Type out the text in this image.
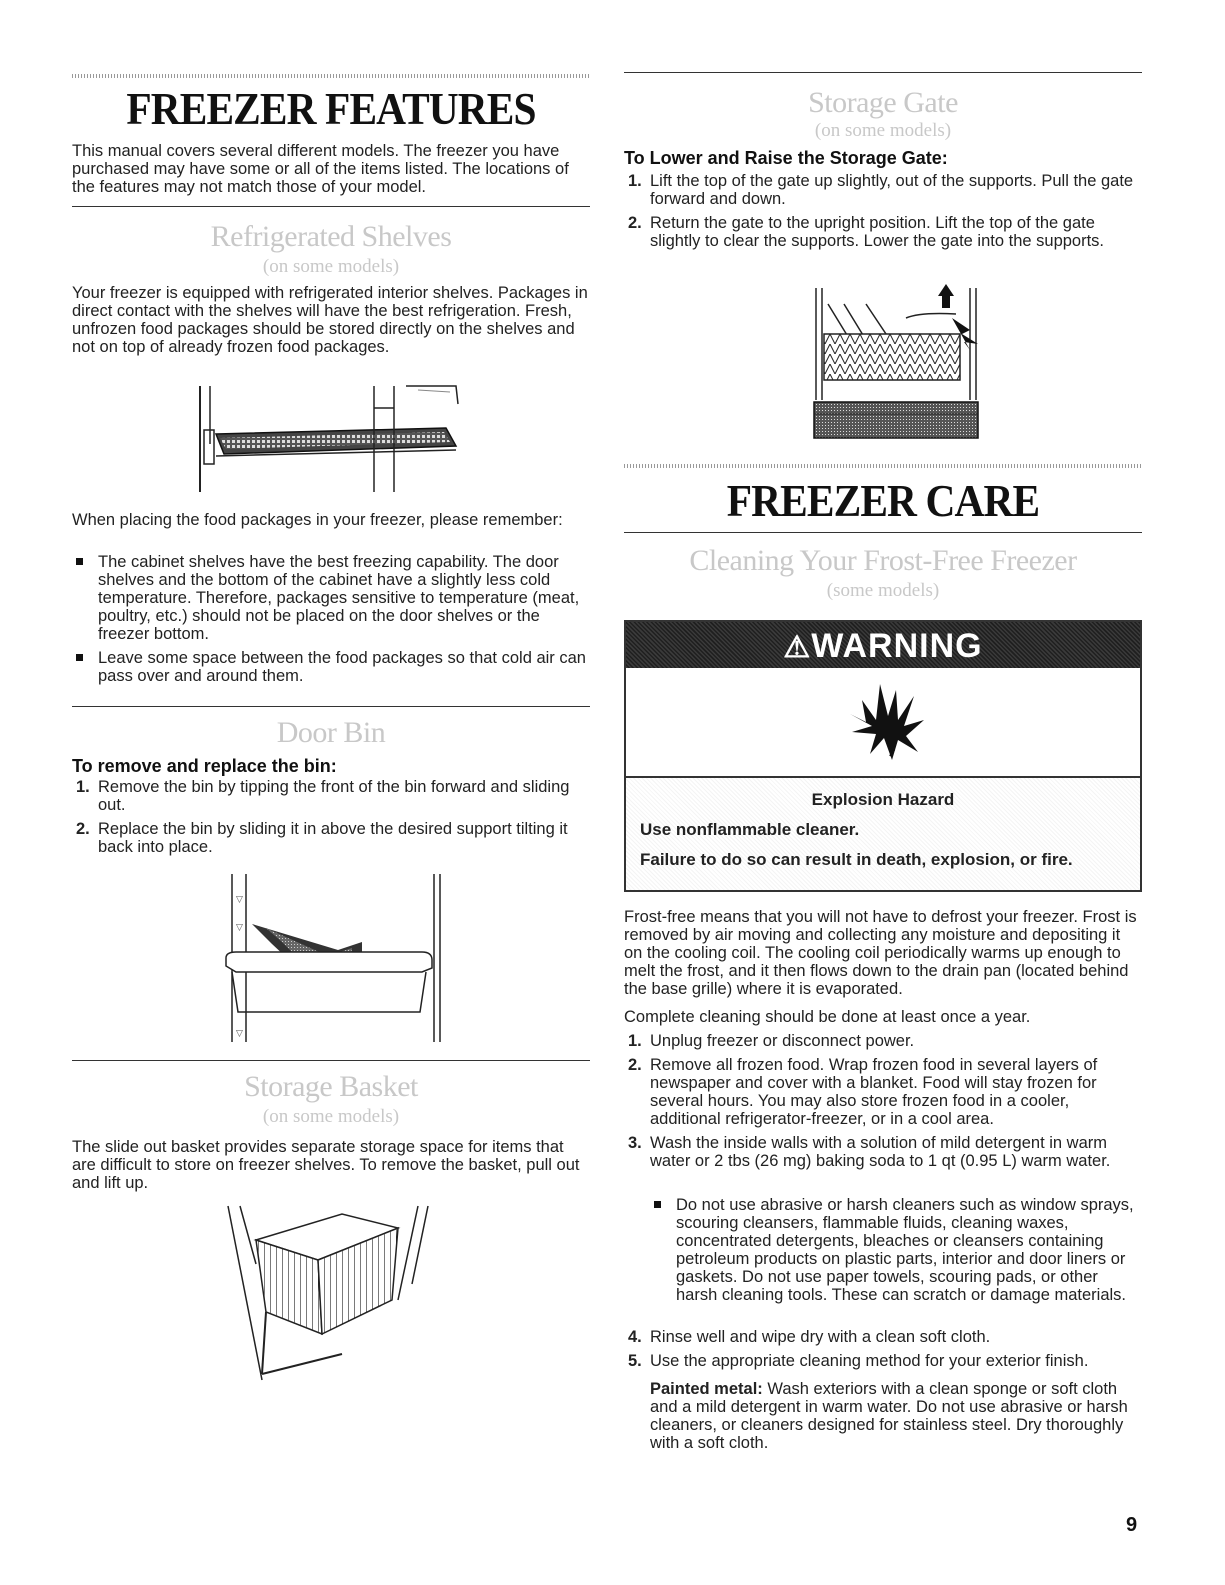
FREEZER FEATURES
This manual covers several different models. The freezer you have purchased may have some or all of the items listed. The locations of the features may not match those of your model.
Refrigerated Shelves
(on some models)
Your freezer is equipped with refrigerated interior shelves. Packages in direct contact with the shelves will have the best refrigeration. Fresh, unfrozen food packages should be stored directly on the shelves and not on top of already frozen food packages.
When placing the food packages in your freezer, please remember:
The cabinet shelves have the best freezing capability. The door shelves and the bottom of the cabinet have a slightly less cold temperature. Therefore, packages sensitive to temperature (meat, poultry, etc.) should not be placed on the door shelves or the freezer bottom.
Leave some space between the food packages so that cold air can pass over and around them.
Door Bin
To remove and replace the bin:
1. Remove the bin by tipping the front of the bin forward and sliding out.
2. Replace the bin by sliding it in above the desired support tilting it back into place.
▽
▽
▽
Storage Basket
(on some models)
The slide out basket provides separate storage space for items that are difficult to store on freezer shelves. To remove the basket, pull out and lift up.
Storage Gate
(on some models)
To Lower and Raise the Storage Gate:
1. Lift the top of the gate up slightly, out of the supports. Pull the gate forward and down.
2. Return the gate to the upright position. Lift the top of the gate slightly to clear the supports. Lower the gate into the supports.
FREEZER CARE
Cleaning Your Frost-Free Freezer
(some models)
⚠WARNING
Explosion Hazard
Use nonflammable cleaner.
Failure to do so can result in death, explosion, or fire.
Frost-free means that you will not have to defrost your freezer. Frost is removed by air moving and collecting any moisture and depositing it on the cooling coil. The cooling coil periodically warms up enough to melt the frost, and it then flows down to the drain pan (located behind the base grille) where it is evaporated.
Complete cleaning should be done at least once a year.
1. Unplug freezer or disconnect power.
2. Remove all frozen food. Wrap frozen food in several layers of newspaper and cover with a blanket. Food will stay frozen for several hours. You may also store frozen food in a cooler, additional refrigerator-freezer, or in a cool area.
3. Wash the inside walls with a solution of mild detergent in warm water or 2 tbs (26 mg) baking soda to 1 qt (0.95 L) warm water.
Do not use abrasive or harsh cleaners such as window sprays, scouring cleansers, flammable fluids, cleaning waxes, concentrated detergents, bleaches or cleansers containing petroleum products on plastic parts, interior and door liners or gaskets. Do not use paper towels, scouring pads, or other harsh cleaning tools. These can scratch or damage materials.
4. Rinse well and wipe dry with a clean soft cloth.
5. Use the appropriate cleaning method for your exterior finish.
Painted metal: Wash exteriors with a clean sponge or soft cloth and a mild detergent in warm water. Do not use abrasive or harsh cleaners, or cleaners designed for stainless steel. Dry thoroughly with a soft cloth.
9
